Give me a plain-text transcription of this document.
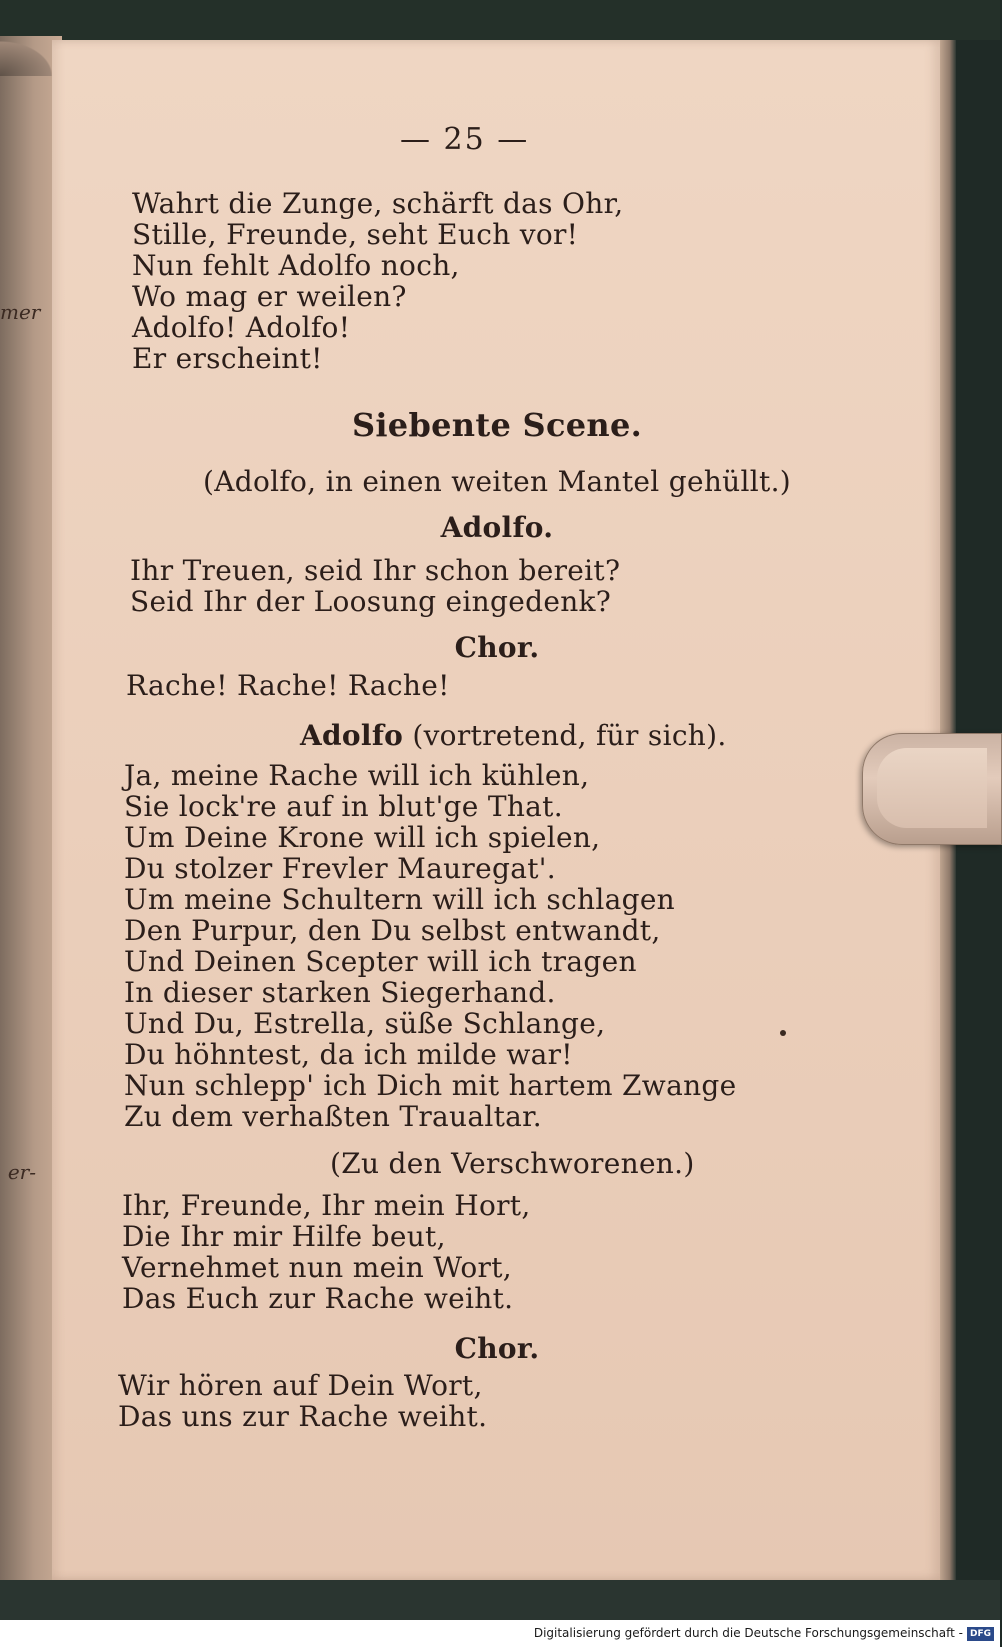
mer
er-
— 25 —
Wahrt die Zunge, schärft das Ohr,
Stille, Freunde, seht Euch vor!
Nun fehlt Adolfo noch,
Wo mag er weilen?
Adolfo! Adolfo!
Er erscheint!
Siebente Scene.
(Adolfo, in einen weiten Mantel gehüllt.)
Adolfo.
Ihr Treuen, seid Ihr schon bereit?
Seid Ihr der Loosung eingedenk?
Chor.
Rache! Rache! Rache!
Adolfo (vortretend, für sich).
Ja, meine Rache will ich kühlen,
Sie lock're auf in blut'ge That.
Um Deine Krone will ich spielen,
Du stolzer Frevler Mauregat'.
Um meine Schultern will ich schlagen
Den Purpur, den Du selbst entwandt,
Und Deinen Scepter will ich tragen
In dieser starken Siegerhand.
Und Du, Estrella, süße Schlange,
Du höhntest, da ich milde war!
Nun schlepp' ich Dich mit hartem Zwange
Zu dem verhaßten Traualtar.
(Zu den Verschworenen.)
Ihr, Freunde, Ihr mein Hort,
Die Ihr mir Hilfe beut,
Vernehmet nun mein Wort,
Das Euch zur Rache weiht.
Chor.
Wir hören auf Dein Wort,
Das uns zur Rache weiht.
Digitalisierung gefördert durch die Deutsche Forschungsgemeinschaft - DFG
